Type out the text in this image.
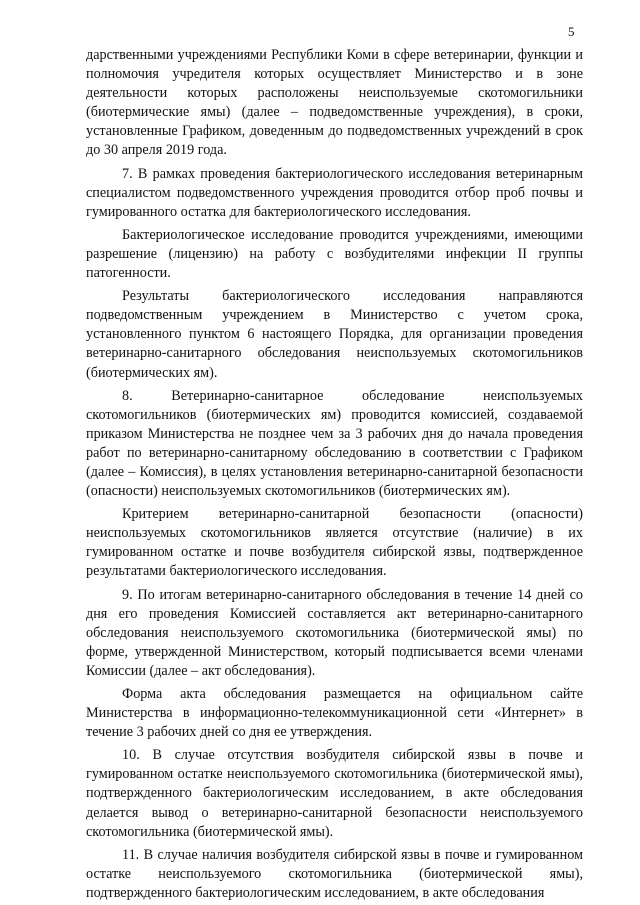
5

дарственными учреждениями Республики Коми в сфере ветеринарии, функции и полномочия учредителя которых осуществляет Министерство и в зоне деятельности которых расположены неиспользуемые скотомогильники (биотермические ямы) (далее – подведомственные учреждения), в сроки, установленные Графиком, доведенным до подведомственных учреждений в срок до 30 апреля 2019 года.

7. В рамках проведения бактериологического исследования ветеринарным специалистом подведомственного учреждения проводится отбор проб почвы и гумированного остатка для бактериологического исследования.

Бактериологическое исследование проводится учреждениями, имеющими разрешение (лицензию) на работу с возбудителями инфекции II группы патогенности.

Результаты бактериологического исследования направляются подведомственным учреждением в Министерство с учетом срока, установленного пунктом 6 настоящего Порядка, для организации проведения ветеринарно-санитарного обследования неиспользуемых скотомогильников (биотермических ям).

8. Ветеринарно-санитарное обследование неиспользуемых скотомогильников (биотермических ям) проводится комиссией, создаваемой приказом Министерства не позднее чем за 3 рабочих дня до начала проведения работ по ветеринарно-санитарному обследованию в соответствии с Графиком (далее – Комиссия), в целях установления ветеринарно-санитарной безопасности (опасности) неиспользуемых скотомогильников (биотермических ям).

Критерием ветеринарно-санитарной безопасности (опасности) неиспользуемых скотомогильников является отсутствие (наличие) в их гумированном остатке и почве возбудителя сибирской язвы, подтвержденное результатами бактериологического исследования.

9. По итогам ветеринарно-санитарного обследования в течение 14 дней со дня его проведения Комиссией составляется акт ветеринарно-санитарного обследования неиспользуемого скотомогильника (биотермической ямы) по форме, утвержденной Министерством, который подписывается всеми членами Комиссии (далее – акт обследования).

Форма акта обследования размещается на официальном сайте Министерства в информационно-телекоммуникационной сети «Интернет» в течение 3 рабочих дней со дня ее утверждения.

10. В случае отсутствия возбудителя сибирской язвы в почве и гумированном остатке неиспользуемого скотомогильника (биотермической ямы), подтвержденного бактериологическим исследованием, в акте обследования делается вывод о ветеринарно-санитарной безопасности неиспользуемого скотомогильника (биотермической ямы).

11. В случае наличия возбудителя сибирской язвы в почве и гумированном остатке неиспользуемого скотомогильника (биотермической ямы), подтвержденного бактериологическим исследованием, в акте обследования
